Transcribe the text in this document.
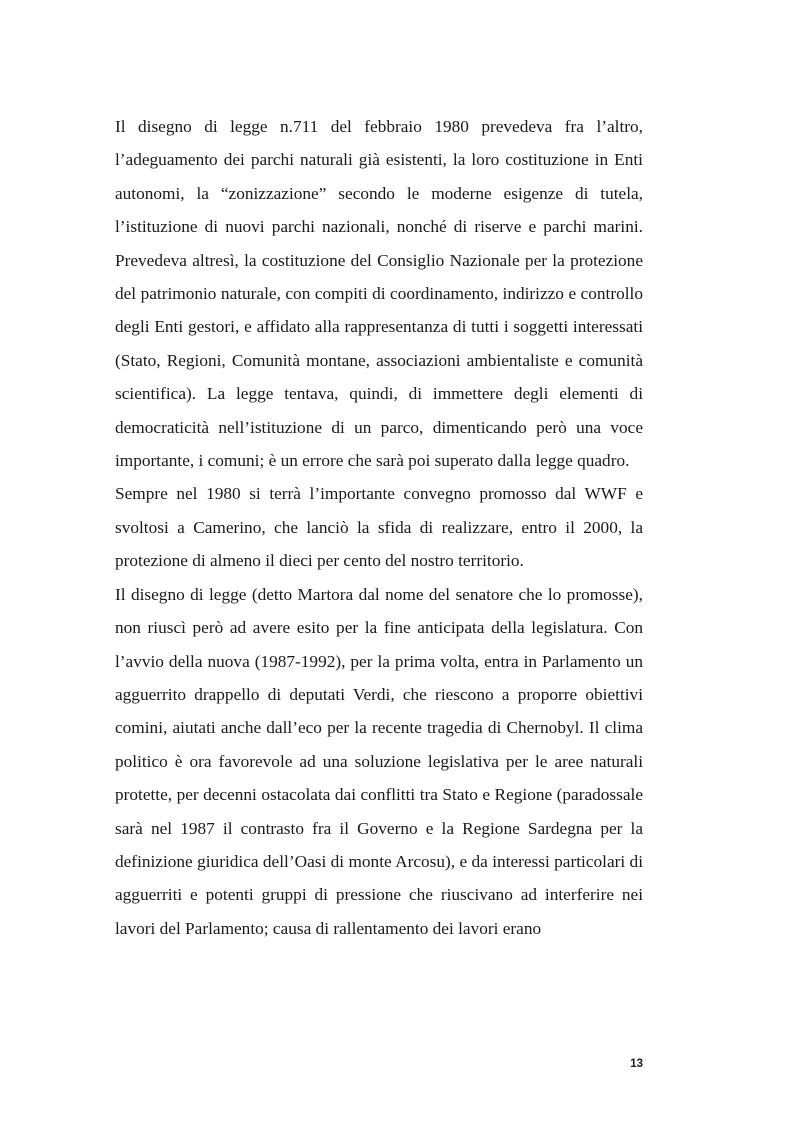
Il disegno di legge n.711 del febbraio 1980 prevedeva fra l’altro, l’adeguamento dei parchi naturali già esistenti, la loro costituzione in Enti autonomi, la “zonizzazione” secondo le moderne esigenze di tutela, l’istituzione di nuovi parchi nazionali, nonché di riserve e parchi marini. Prevedeva altresì, la costituzione del Consiglio Nazionale per la protezione del patrimonio naturale, con compiti di coordinamento, indirizzo e controllo degli Enti gestori, e affidato alla rappresentanza di tutti i soggetti interessati (Stato, Regioni, Comunità montane, associazioni ambientaliste e comunità scientifica). La legge tentava, quindi, di immettere degli elementi di democraticità nell’istituzione di un parco, dimenticando però una voce importante, i comuni; è un errore che sarà poi superato dalla legge quadro.

Sempre nel 1980 si terrà l’importante convegno promosso dal WWF e svoltosi a Camerino, che lanciò la sfida di realizzare, entro il 2000, la protezione di almeno il dieci per cento del nostro territorio.

Il disegno di legge (detto Martora dal nome del senatore che lo promosse), non riuscì però ad avere esito per la fine anticipata della legislatura. Con l’avvio della nuova (1987-1992), per la prima volta, entra in Parlamento un agguerrito drappello di deputati Verdi, che riescono a proporre obiettivi comini, aiutati anche dall’eco per la recente tragedia di Chernobyl. Il clima politico è ora favorevole ad una soluzione legislativa per le aree naturali protette, per decenni ostacolata dai conflitti tra Stato e Regione (paradossale sarà nel 1987 il contrasto fra il Governo e la Regione Sardegna per la definizione giuridica dell’Oasi di monte Arcosu), e da interessi particolari di agguerriti e potenti gruppi di pressione che riuscivano ad interferire nei lavori del Parlamento; causa di rallentamento dei lavori erano

13
